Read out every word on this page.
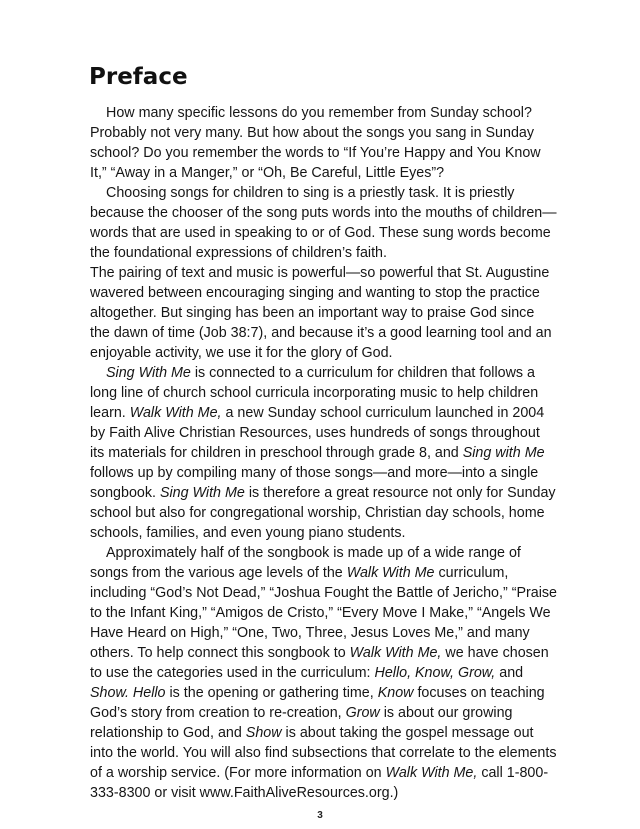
Preface

How many specific lessons do you remember from Sunday school? Probably not very many. But how about the songs you sang in Sunday school? Do you remember the words to “If You’re Happy and You Know It,” “Away in a Manger,” or “Oh, Be Careful, Little Eyes”?

Choosing songs for children to sing is a priestly task. It is priestly because the chooser of the song puts words into the mouths of children—words that are used in speaking to or of God. These sung words become the foundational expressions of children’s faith.

The pairing of text and music is powerful—so powerful that St. Augustine wavered between encouraging singing and wanting to stop the practice altogether. But singing has been an important way to praise God since the dawn of time (Job 38:7), and because it’s a good learning tool and an enjoyable activity, we use it for the glory of God.

Sing With Me is connected to a curriculum for children that follows a long line of church school curricula incorporating music to help children learn. Walk With Me, a new Sunday school curriculum launched in 2004 by Faith Alive Christian Resources, uses hundreds of songs throughout its materials for children in preschool through grade 8, and Sing with Me follows up by compiling many of those songs—and more—into a single songbook. Sing With Me is therefore a great resource not only for Sunday school but also for congregational worship, Christian day schools, home schools, families, and even young piano students.

Approximately half of the songbook is made up of a wide range of songs from the various age levels of the Walk With Me curriculum, including “God’s Not Dead,” “Joshua Fought the Battle of Jericho,” “Praise to the Infant King,” “Amigos de Cristo,” “Every Move I Make,” “Angels We Have Heard on High,” “One, Two, Three, Jesus Loves Me,” and many others. To help connect this songbook to Walk With Me, we have chosen to use the categories used in the curriculum: Hello, Know, Grow, and Show. Hello is the opening or gathering time, Know focuses on teaching God’s story from creation to re-creation, Grow is about our growing relationship to God, and Show is about taking the gospel message out into the world. You will also find subsections that correlate to the elements of a worship service. (For more information on Walk With Me, call 1-800-333-8300 or visit www.FaithAliveResources.org.)

3
